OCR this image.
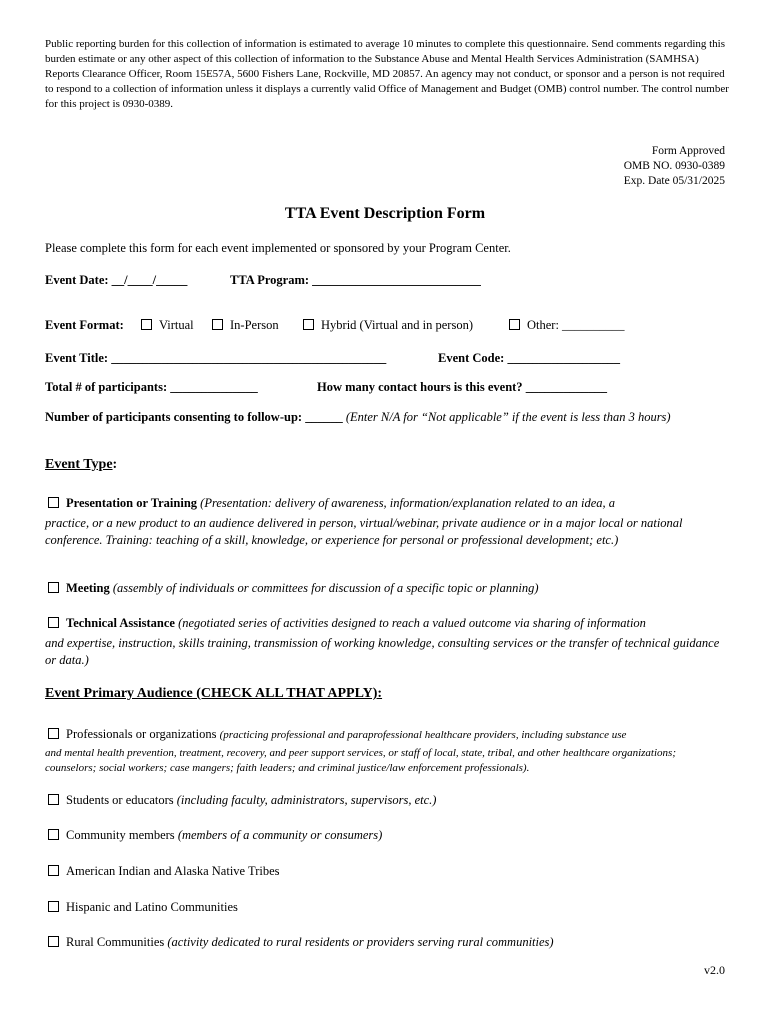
Public reporting burden for this collection of information is estimated to average 10 minutes to complete this questionnaire. Send comments regarding this burden estimate or any other aspect of this collection of information to the Substance Abuse and Mental Health Services Administration (SAMHSA) Reports Clearance Officer, Room 15E57A, 5600 Fishers Lane, Rockville, MD 20857. An agency may not conduct, or sponsor and a person is not required to respond to a collection of information unless it displays a currently valid Office of Management and Budget (OMB) control number. The control number for this project is 0930-0389.
Form Approved
OMB NO. 0930-0389
Exp. Date 05/31/2025
TTA Event Description Form
Please complete this form for each event implemented or sponsored by your Program Center.
Event Date: __/____/_____	TTA Program: ___________________________
Event Format:	Virtual	In-Person	Hybrid (Virtual and in person)	Other: __________
Event Title: ____________________________________________	Event Code: __________________
Total # of participants: ______________	How many contact hours is this event? _____________
Number of participants consenting to follow-up: ______ (Enter N/A for “Not applicable” if the event is less than 3 hours)
Event Type:
Presentation or Training (Presentation: delivery of awareness, information/explanation related to an idea, a
practice, or a new product to an audience delivered in person, virtual/webinar, private audience or in a major local or national conference. Training: teaching of a skill, knowledge, or experience for personal or professional development; etc.)
Meeting (assembly of individuals or committees for discussion of a specific topic or planning)
Technical Assistance (negotiated series of activities designed to reach a valued outcome via sharing of information
and expertise, instruction, skills training, transmission of working knowledge, consulting services or the transfer of technical guidance or data.)
Event Primary Audience (CHECK ALL THAT APPLY):
Professionals or organizations (practicing professional and paraprofessional healthcare providers, including substance use
and mental health prevention, treatment, recovery, and peer support services, or staff of local, state, tribal, and other healthcare organizations; counselors; social workers; case mangers; faith leaders; and criminal justice/law enforcement professionals).
Students or educators (including faculty, administrators, supervisors, etc.)
Community members (members of a community or consumers)
American Indian and Alaska Native Tribes
Hispanic and Latino Communities
Rural Communities (activity dedicated to rural residents or providers serving rural communities)
v2.0
